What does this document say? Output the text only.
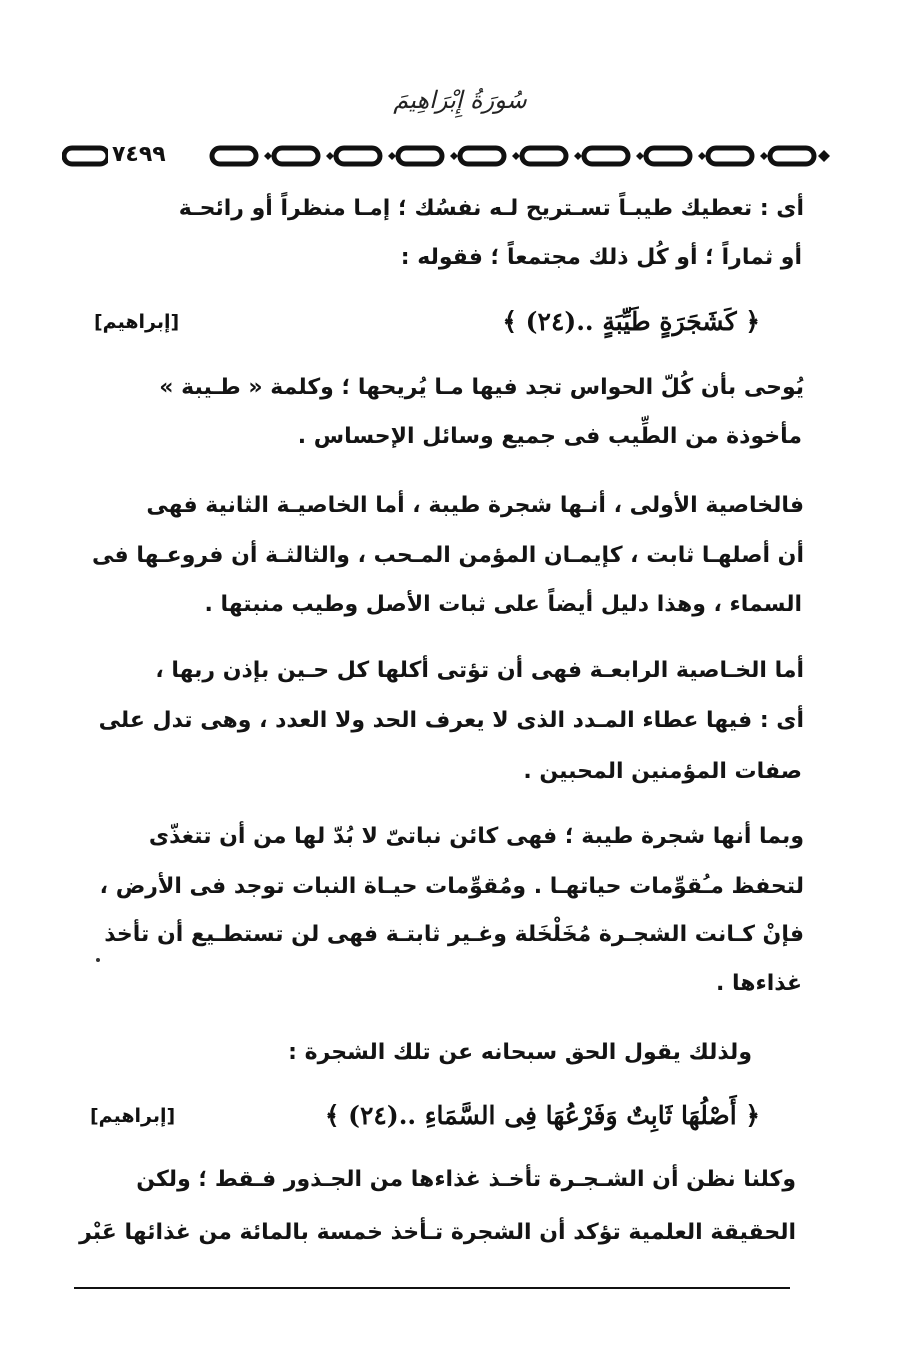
سُورَةُ إِبْرَاهِيمَ
٧٤٩٩
أى : تعطيك طيبـاً تسـتريح لـه نفسُك ؛ إمـا منظراً أو رائحـة
أو ثماراً ؛ أو كُل ذلك مجتمعاً ؛ فقوله :
﴿ كَشَجَرَةٍ طَيِّبَةٍ ..(٢٤) ﴾
[إبراهيم]
يُوحى بأن كُلّ الحواس تجد فيها مـا يُريحها ؛ وكلمة « طـيبة »
مأخوذة من الطِّيب فى جميع وسائل الإحساس .
فالخاصية الأولى ، أنـها شجرة طيبة ، أما الخاصيـة الثانية فهى
أن أصلهـا ثابت ، كإيمـان المؤمن المـحب ، والثالثـة أن فروعـها فى
السماء ، وهذا دليل أيضاً على ثبات الأصل وطيب منبتها .
أما الخـاصية الرابعـة فهى أن تؤتى أكلها كل حـين بإذن ربها ،
أى : فيها عطاء المـدد الذى لا يعرف الحد ولا العدد ، وهى تدل على
صفات المؤمنين المحبين .
وبما أنها شجرة طيبة ؛ فهى كائن نباتىّ لا بُدّ لها من أن تتغذّى
لتحفظ مـُقوِّمات حياتهـا . ومُقوِّمات حيـاة النبات توجد فى الأرض ،
فإنْ كـانت الشجـرة مُخَلْخَلة وغـير ثابتـة فهى لن تستطـيع أن تأخذ
غذاءها .
ولذلك يقول الحق سبحانه عن تلك الشجرة :
﴿ أَصْلُهَا ثَابِتٌ وَفَرْعُهَا فِى السَّمَاءِ ..(٢٤) ﴾
[إبراهيم]
وكلنا نظن أن الشـجـرة تأخـذ غذاءها من الجـذور فـقط ؛ ولكن
الحقيقة العلمية تؤكد أن الشجرة تـأخذ خمسة بالمائة من غذائها عَبْر
